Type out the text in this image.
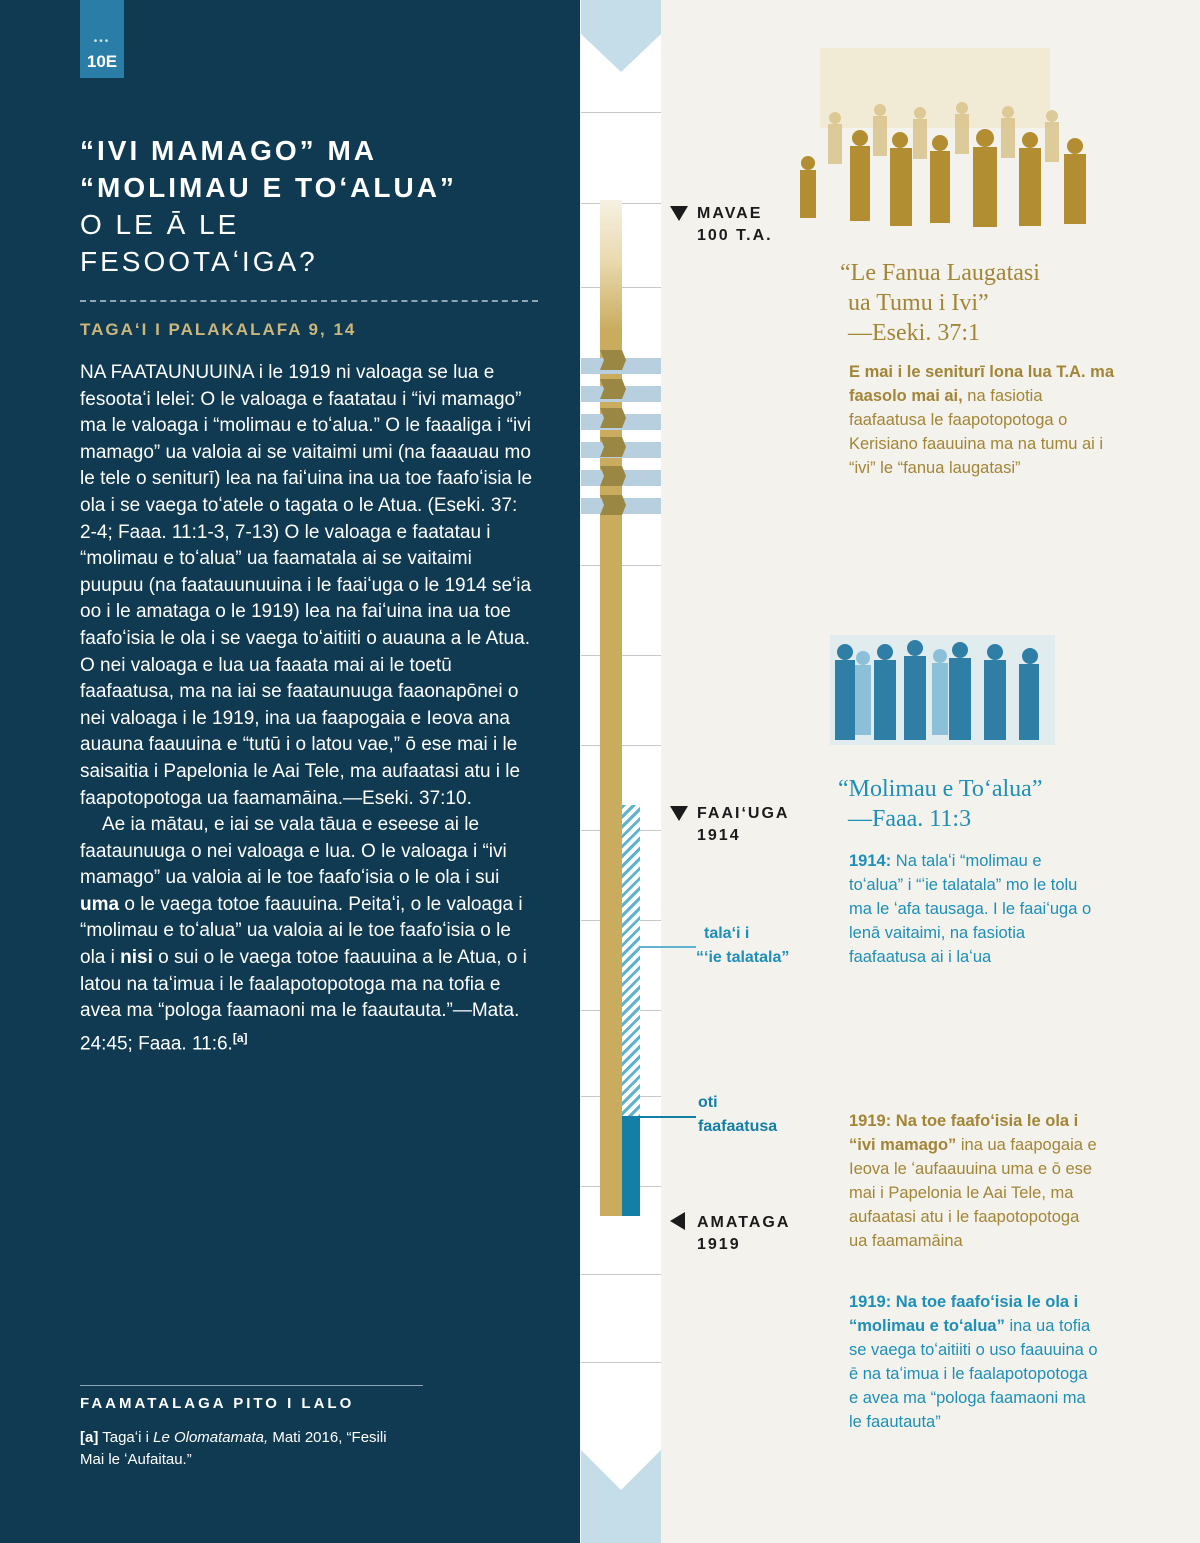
•••
10E
“IVI MAMAGO” MA
“MOLIMAU E TOʻALUA”
O LE Ā LE
FESOOTAʻIGA?
TAGAʻI I PALAKALAFA 9, 14

NA FAATAUNUUINA i le 1919 ni valoaga se lua e fesootaʻi lelei: O le valoaga e faatatau i “ivi mamago” ma le valoaga i “molimau e toʻalua.” O le faaaliga i “ivi mamago” ua valoia ai se vaitaimi umi (na faaauau mo le tele o seniturī) lea na faiʻuina ina ua toe faafoʻisia le ola i se vaega toʻatele o tagata o le Atua. (Eseki. 37: 2-4; Faaa. 11:1-3, 7-13) O le valoaga e faatatau i “molimau e toʻalua” ua faamatala ai se vaitaimi puupuu (na faatauunuuina i le faaiʻuga o le 1914 seʻia oo i le amataga o le 1919) lea na faiʻuina ina ua toe faafoʻisia le ola i se vaega toʻaitiiti o auauna a le Atua. O nei valoaga e lua ua faaata mai ai le toetū faafaatusa, ma na iai se faataunuuga faaonapōnei o nei valoaga i le 1919, ina ua faapogaia e Ieova ana auauna faauuina e “tutū i o latou vae,” ō ese mai i le saisaitia i Papelonia le Aai Tele, ma aufaatasi atu i le faapotopotoga ua faamamāina.—Eseki. 37:10.

Ae ia mātau, e iai se vala tāua e eseese ai le faataunuuga o nei valoaga e lua. O le valoaga i “ivi mamago” ua valoia ai le toe faafoʻisia o le ola i sui uma o le vaega totoe faauuina. Peitaʻi, o le valoaga i “molimau e toʻalua” ua valoia ai le toe faafoʻisia o le ola i nisi o sui o le vaega totoe faauuina a le Atua, o i latou na taʻimua i le faalapotopotoga ma na tofia e avea ma “pologa faamaoni ma le faautauta.”—Mata. 24:45; Faaa. 11:6.[a]

FAAMATALAGA PITO I LALO
[a] Tagaʻi i Le Olomatamata, Mati 2016, “Fesili Mai le ʻAufaitau.”
MAVAE
100 T.A.
FAAIʻUGA
1914
AMATAGA
1919
talaʻi i
“ʻie talatala”
oti
faafaatusa
“Le Fanua Laugatasi
ua Tumu i Ivi”
—Eseki. 37:1
E mai i le seniturī lona lua T.A. ma faasolo mai ai, na fasiotia faafaatusa le faapotopotoga o Kerisiano faauuina ma na tumu ai i “ivi” le “fanua laugatasi”
“Molimau e Toʻalua”
—Faaa. 11:3
1914: Na talaʻi “molimau e toʻalua” i “ʻie talatala” mo le tolu ma le ʻafa tausaga. I le faaiʻuga o lenā vaitaimi, na fasiotia faafaatusa ai i laʻua
1919: Na toe faafoʻisia le ola i “ivi mamago” ina ua faapogaia e Ieova le ʻaufaauuina uma e ō ese mai i Papelonia le Aai Tele, ma aufaatasi atu i le faapotopotoga ua faamamāina
1919: Na toe faafoʻisia le ola i “molimau e toʻalua” ina ua tofia se vaega toʻaitiiti o uso faauuina o ē na taʻimua i le faalapotopotoga e avea ma “pologa faamaoni ma le faautauta”
